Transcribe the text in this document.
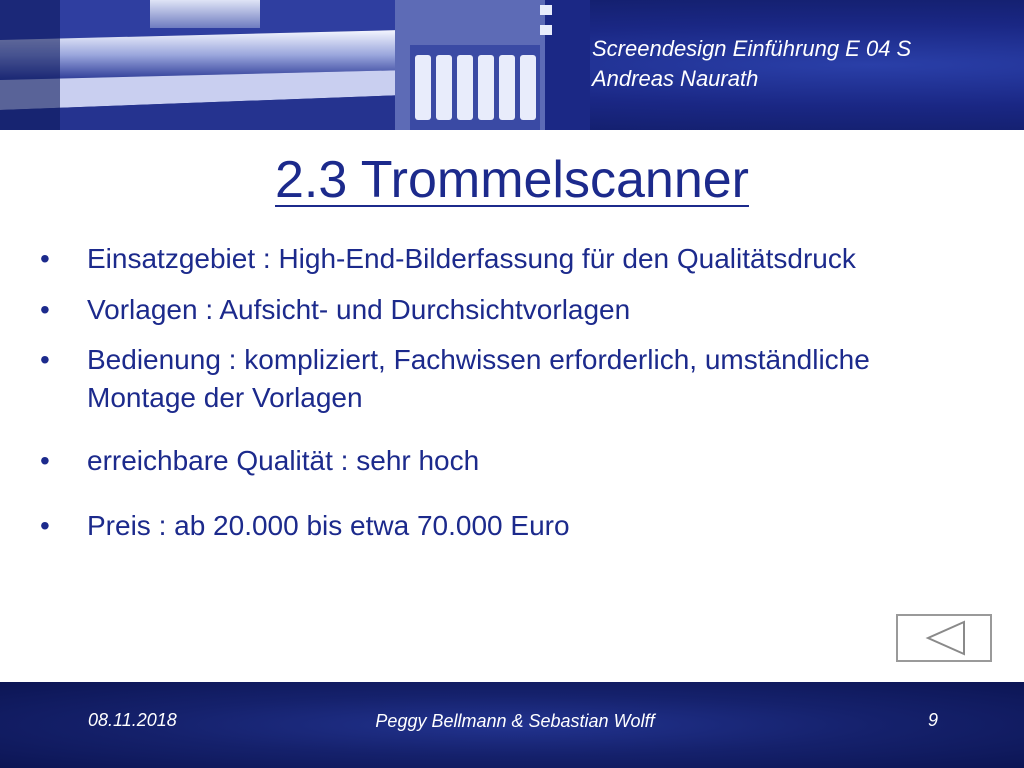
Screendesign Einführung E 04 S
Andreas Naurath
2.3 Trommelscanner
• Einsatzgebiet : High-End-Bilderfassung für den Qualitätsdruck
• Vorlagen : Aufsicht- und Durchsichtvorlagen
• Bedienung : kompliziert, Fachwissen erforderlich, umständliche Montage der Vorlagen
• erreichbare Qualität : sehr hoch
• Preis : ab 20.000 bis etwa 70.000 Euro
08.11.2018	Peggy Bellmann & Sebastian Wolff	9
